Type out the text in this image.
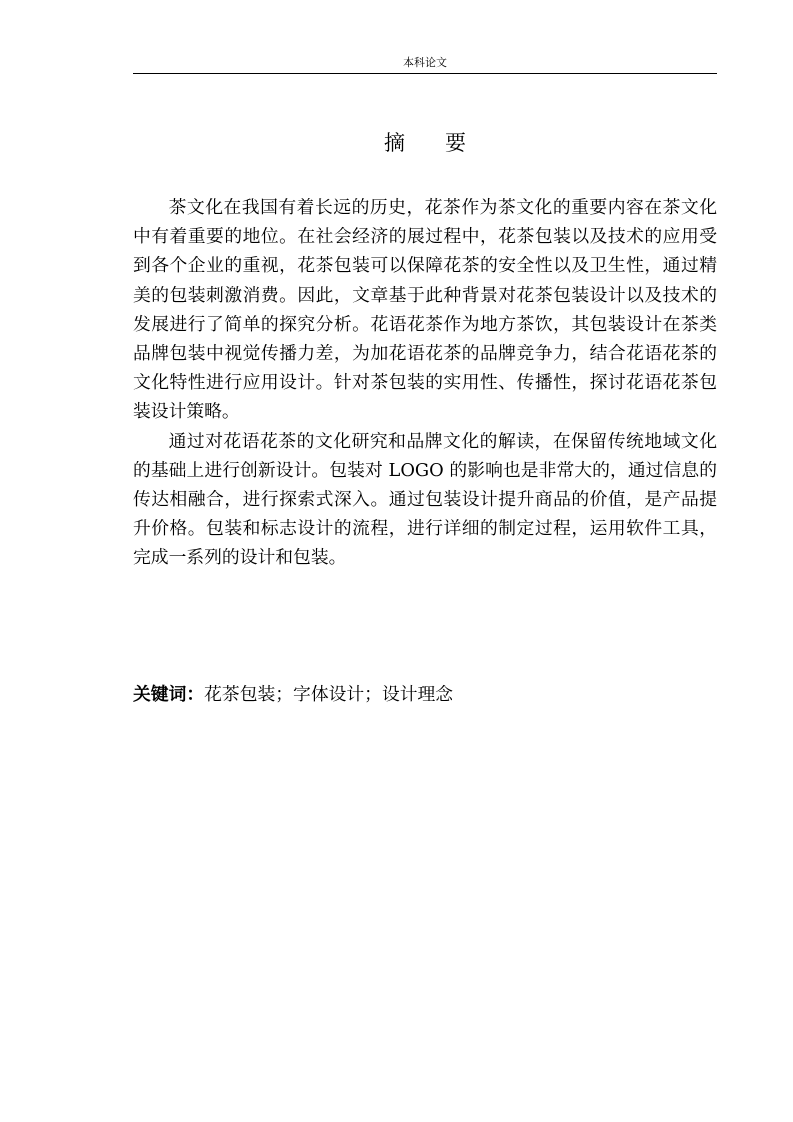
本科论文
摘 要

茶文化在我国有着长远的历史，花茶作为茶文化的重要内容在茶文化中有着重要的地位。在社会经济的展过程中，花茶包装以及技术的应用受到各个企业的重视，花茶包装可以保障花茶的安全性以及卫生性，通过精美的包装刺激消费。因此，文章基于此种背景对花茶包装设计以及技术的发展进行了简单的探究分析。花语花茶作为地方茶饮，其包装设计在茶类品牌包装中视觉传播力差，为加花语花茶的品牌竞争力，结合花语花茶的文化特性进行应用设计。针对茶包装的实用性、传播性，探讨花语花茶包装设计策略。

通过对花语花茶的文化研究和品牌文化的解读，在保留传统地域文化的基础上进行创新设计。包装对 LOGO 的影响也是非常大的，通过信息的传达相融合，进行探索式深入。通过包装设计提升商品的价值，是产品提升价格。包装和标志设计的流程，进行详细的制定过程，运用软件工具，完成一系列的设计和包装。

关键词：花茶包装；字体设计；设计理念
